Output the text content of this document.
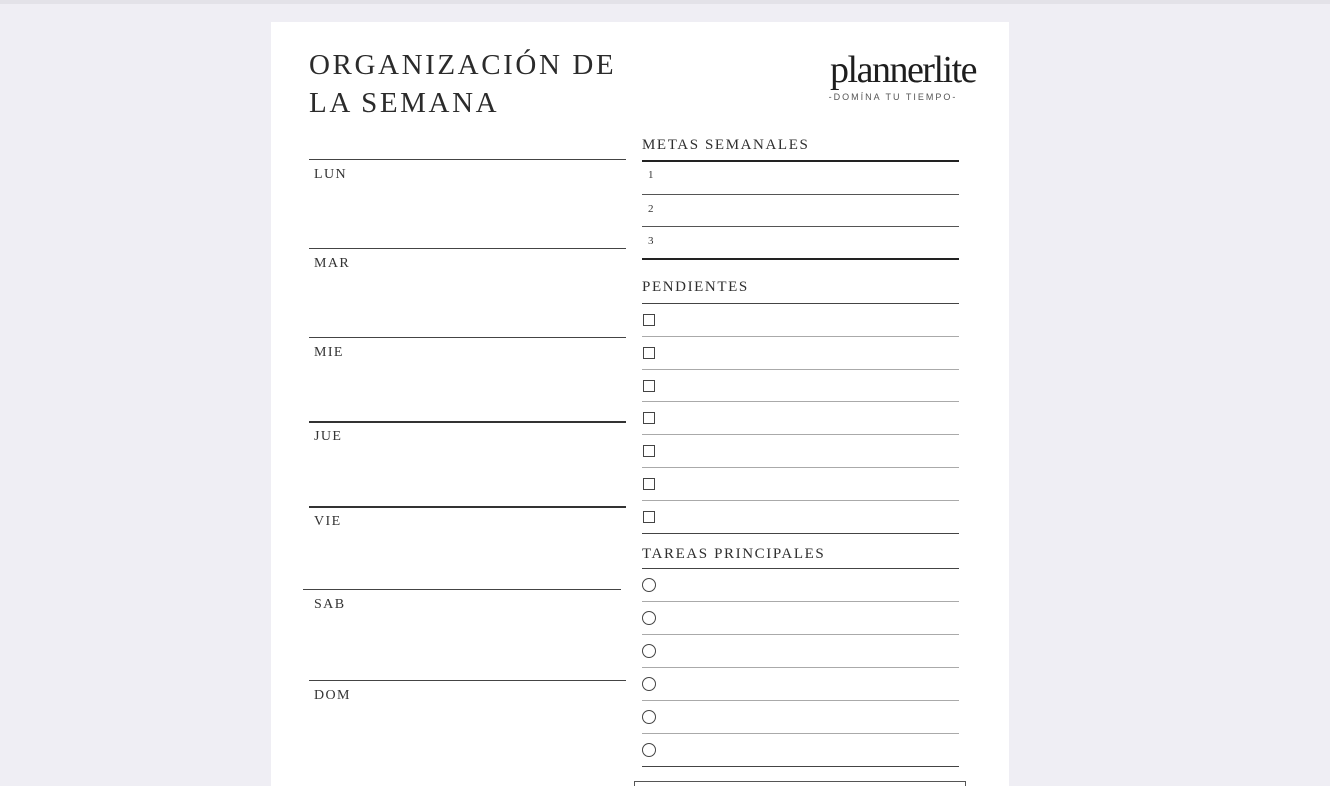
ORGANIZACIÓN DE
LA SEMANA
plannerlite
-DOMÍNA TU TIEMPO-
LUN
MAR
MIE
JUE
VIE
SAB
DOM
METAS SEMANALES
1
2
3
PENDIENTES
TAREAS PRINCIPALES
